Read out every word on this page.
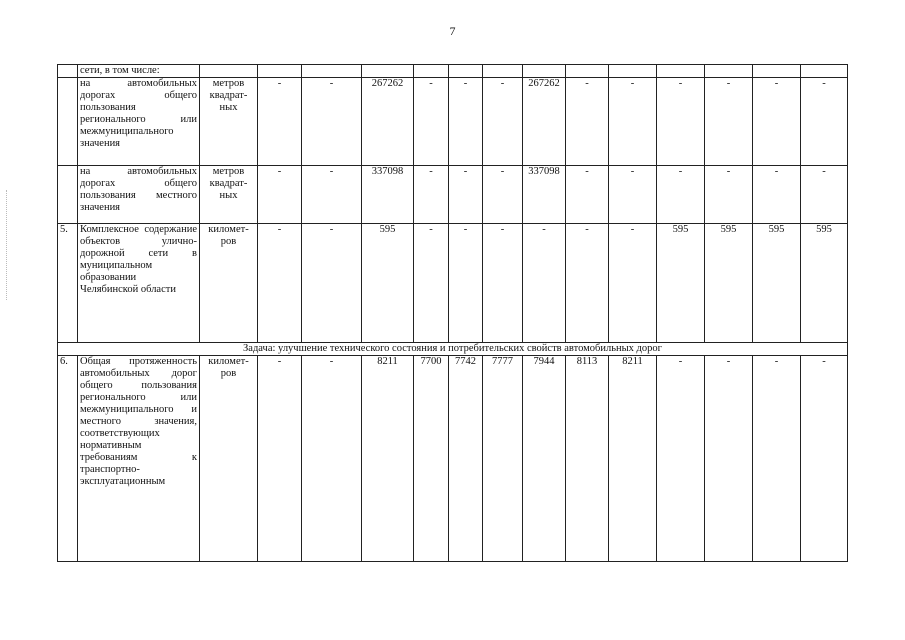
7
	сети, в том числе:														
	на автомобильных дорогах общего пользования регионального или межмуниципального значения	метров квадрат-ных	-	-	267262	-	-	-	267262	-	-	-	-	-	-
	на автомобильных дорогах общего пользования местного значения	метров квадрат-ных	-	-	337098	-	-	-	337098	-	-	-	-	-	-
5.	Комплексное содержание объектов улично-дорожной сети в муниципальном образовании Челябинской области	километ-ров	-	-	595	-	-	-	-	-	-	595	595	595	595
Задача: улучшение технического состояния и потребительских свойств автомобильных дорог															
6.	Общая протяженность автомобильных дорог общего пользования регионального или межмуниципального и местного значения, соответствующих нормативным требованиям к транспортно-эксплуатационным	километ-ров	-	-	8211	7700	7742	7777	7944	8113	8211	-	-	-	-
